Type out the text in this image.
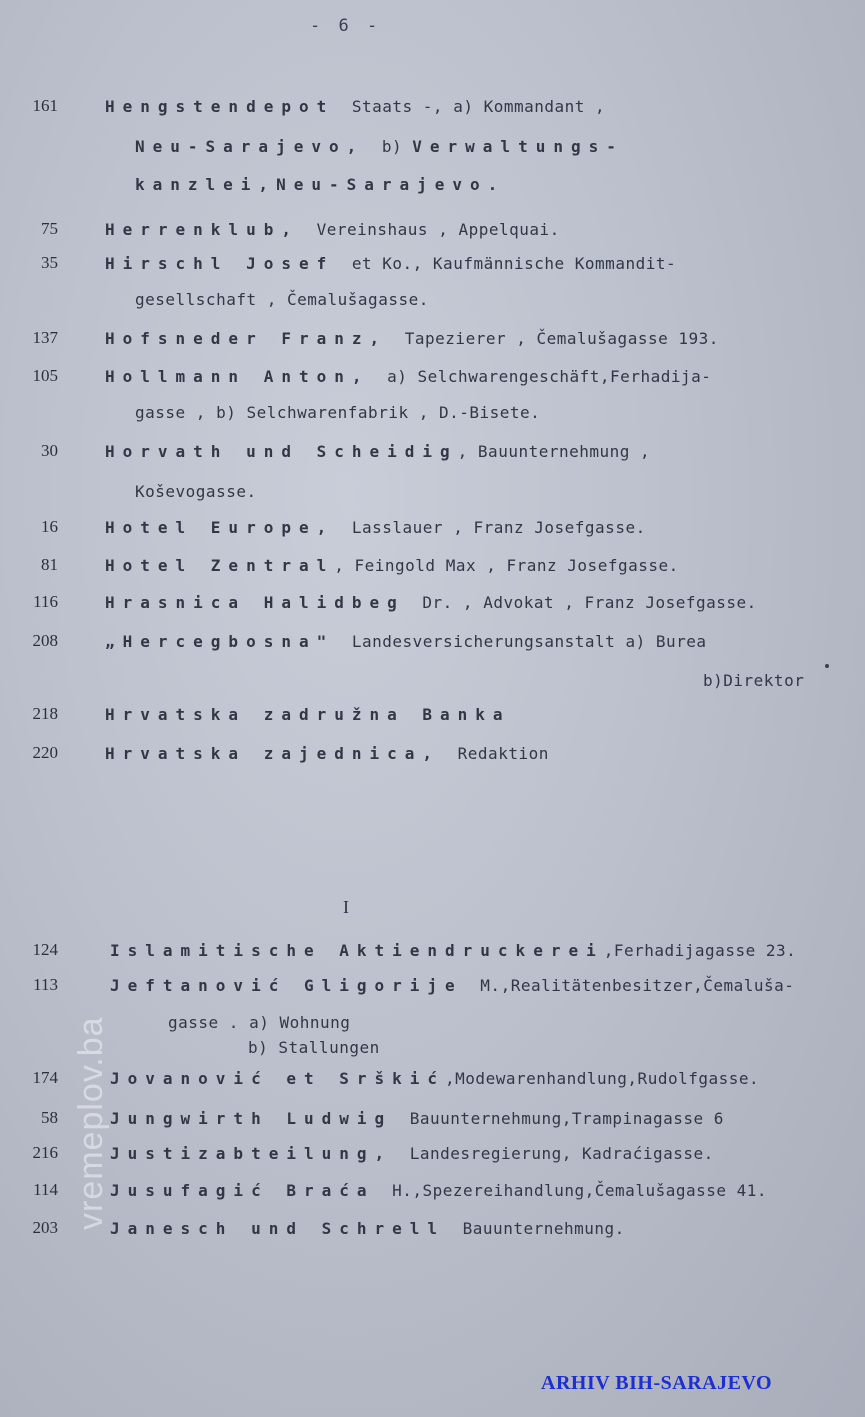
- 6 -
161	Hengstendepot Staats -, a) Kommandant ,
Neu-Sarajevo, b) Verwaltungs-
kanzlei,Neu-Sarajevo.
75	Herrenklub, Vereinshaus , Appelquai.
35	Hirschl Josef et Ko., Kaufmännische Kommandit-
gesellschaft , Čemalušagasse.
137	Hofsneder Franz, Tapezierer , Čemalušagasse 193.
105	Hollmann Anton, a) Selchwarengeschäft,Ferhadija-
gasse , b) Selchwarenfabrik , D.-Bisete.
30	Horvath und Scheidig, Bauunternehmung ,
Koševogasse.
16	Hotel Europe, Lasslauer , Franz Josefgasse.
81	Hotel Zentral, Feingold Max , Franz Josefgasse.
116	Hrasnica Halidbeg Dr. , Advokat , Franz Josefgasse.
208	„Hercegbosna" Landesversicherungsanstalt a) Burea
b)Direktor
218	Hrvatska zadružna Banka
220	Hrvatska zajednica, Redaktion
I
124	Islamitische Aktiendruckerei,Ferhadijagasse 23.
113	Jeftanović Gligorije M.,Realitätenbesitzer,Čemaluša-
gasse . a) Wohnung
b) Stallungen
174	Jovanović et Srškić,Modewarenhandlung,Rudolfgasse.
58	Jungwirth Ludwig Bauunternehmung,Trampinagasse 6
216	Justizabteilung, Landesregierung, Kadraćigasse.
114	Jusufagić Braća H.,Spezereihandlung,Čemalušagasse 41.
203	Janesch und Schrell Bauunternehmung.
vremeplov.ba
ARHIV BIH-SARAJEVO
